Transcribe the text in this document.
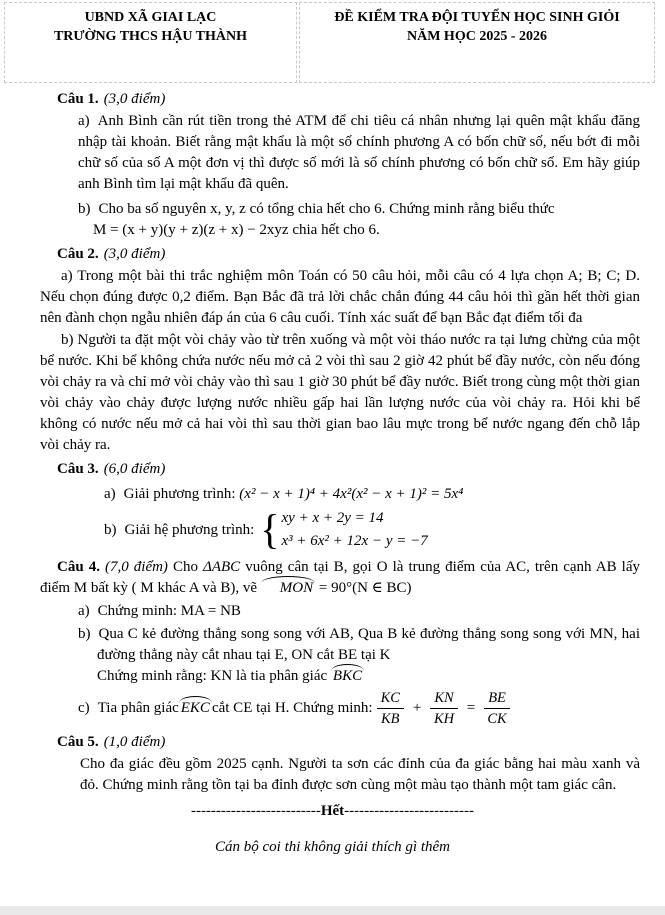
UBND XÃ GIAI LẠC
TRƯỜNG THCS HẬU THÀNH
ĐỀ KIỂM TRA ĐỘI TUYỂN HỌC SINH GIỎI
NĂM HỌC 2025 - 2026

Câu 1. (3,0 điểm)

a) Anh Bình cần rút tiền trong thẻ ATM để chi tiêu cá nhân nhưng lại quên mật khẩu đăng nhập tài khoản. Biết rằng mật khẩu là một số chính phương A có bốn chữ số, nếu bớt đi mỗi chữ số của số A một đơn vị thì được số mới là số chính phương có bốn chữ số. Em hãy giúp anh Bình tìm lại mật khẩu đã quên.

b) Cho ba số nguyên x, y, z có tổng chia hết cho 6. Chứng minh rằng biểu thức
M = (x + y)(y + z)(z + x) − 2xyz chia hết cho 6.

Câu 2. (3,0 điểm)

a) Trong một bài thi trắc nghiệm môn Toán có 50 câu hỏi, mỗi câu có 4 lựa chọn A; B; C; D. Nếu chọn đúng được 0,2 điểm. Bạn Bắc đã trả lời chắc chắn đúng 44 câu hỏi thì gần hết thời gian nên đành chọn ngẫu nhiên đáp án của 6 câu cuối. Tính xác suất để bạn Bắc đạt điểm tối đa

b) Người ta đặt một vòi chảy vào từ trên xuống và một vòi tháo nước ra tại lưng chừng của một bể nước. Khi bể không chứa nước nếu mở cả 2 vòi thì sau 2 giờ 42 phút bể đầy nước, còn nếu đóng vòi chảy ra và chỉ mở vòi chảy vào thì sau 1 giờ 30 phút bể đầy nước. Biết trong cùng một thời gian vòi chảy vào chảy được lượng nước nhiều gấp hai lần lượng nước của vòi chảy ra. Hỏi khi bể không có nước nếu mở cả hai vòi thì sau thời gian bao lâu mực trong bể nước ngang đến chỗ lắp vòi chảy ra.

Câu 3. (6,0 điểm)

a) Giải phương trình: (x² − x + 1)⁴ + 4x²(x² − x + 1)² = 5x⁴

b) Giải hệ phương trình: { xy + x + 2y = 14
x³ + 6x² + 12x − y = −7

Câu 4. (7,0 điểm) Cho ΔABC vuông cân tại B, gọi O là trung điểm của AC, trên cạnh AB lấy điểm M bất kỳ ( M khác A và B), vẽ MON = 90°(N ∈ BC)

a) Chứng minh: MA = NB

b) Qua C kẻ đường thẳng song song với AB, Qua B kẻ đường thẳng song song với MN, hai đường thẳng này cắt nhau tại E, ON cắt BE tại K

Chứng minh rằng: KN là tia phân giác BKC

c) Tia phân giác EKC cắt CE tại H. Chứng minh: $\frac{KC}{KB} + \frac{KN}{KH} = \frac{BE}{CK}$

Câu 5. (1,0 điểm)

Cho đa giác đều gồm 2025 cạnh. Người ta sơn các đỉnh của đa giác bằng hai màu xanh và đỏ. Chứng minh rằng tồn tại ba đỉnh được sơn cùng một màu tạo thành một tam giác cân.

--------------------------Hết--------------------------

Cán bộ coi thi không giải thích gì thêm
